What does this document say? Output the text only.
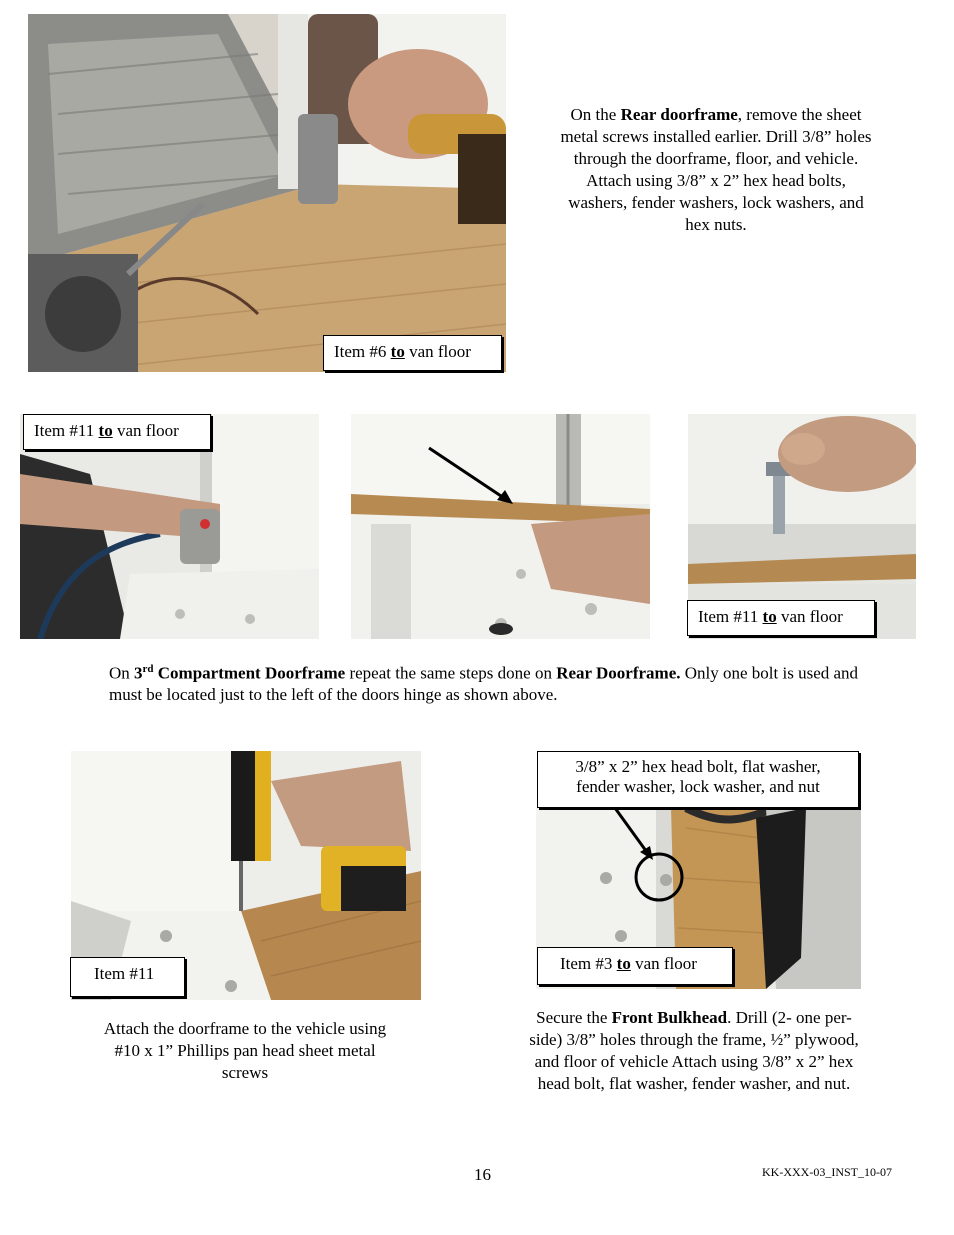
Item #6 to van floor
On the Rear doorframe, remove the sheet metal screws installed earlier. Drill 3/8” holes through the doorframe, floor, and vehicle. Attach using 3/8” x 2” hex head bolts, washers, fender washers, lock washers, and hex nuts.
Item #11 to van floor
Item #11 to van floor
On 3rd Compartment Doorframe repeat the same steps done on Rear Doorframe. Only one bolt is used and must be located just to the left of the doors hinge as shown above.
Item #11
Attach the doorframe to the vehicle using #10 x 1” Phillips pan head sheet metal screws
3/8” x 2” hex head bolt, flat washer, fender washer, lock washer, and nut
Item #3 to van floor
Secure the Front Bulkhead. Drill (2- one per-side) 3/8” holes through the frame, ½” plywood, and floor of vehicle Attach using 3/8” x 2” hex head bolt, flat washer, fender washer, and nut.
16	KK-XXX-03_INST_10-07
